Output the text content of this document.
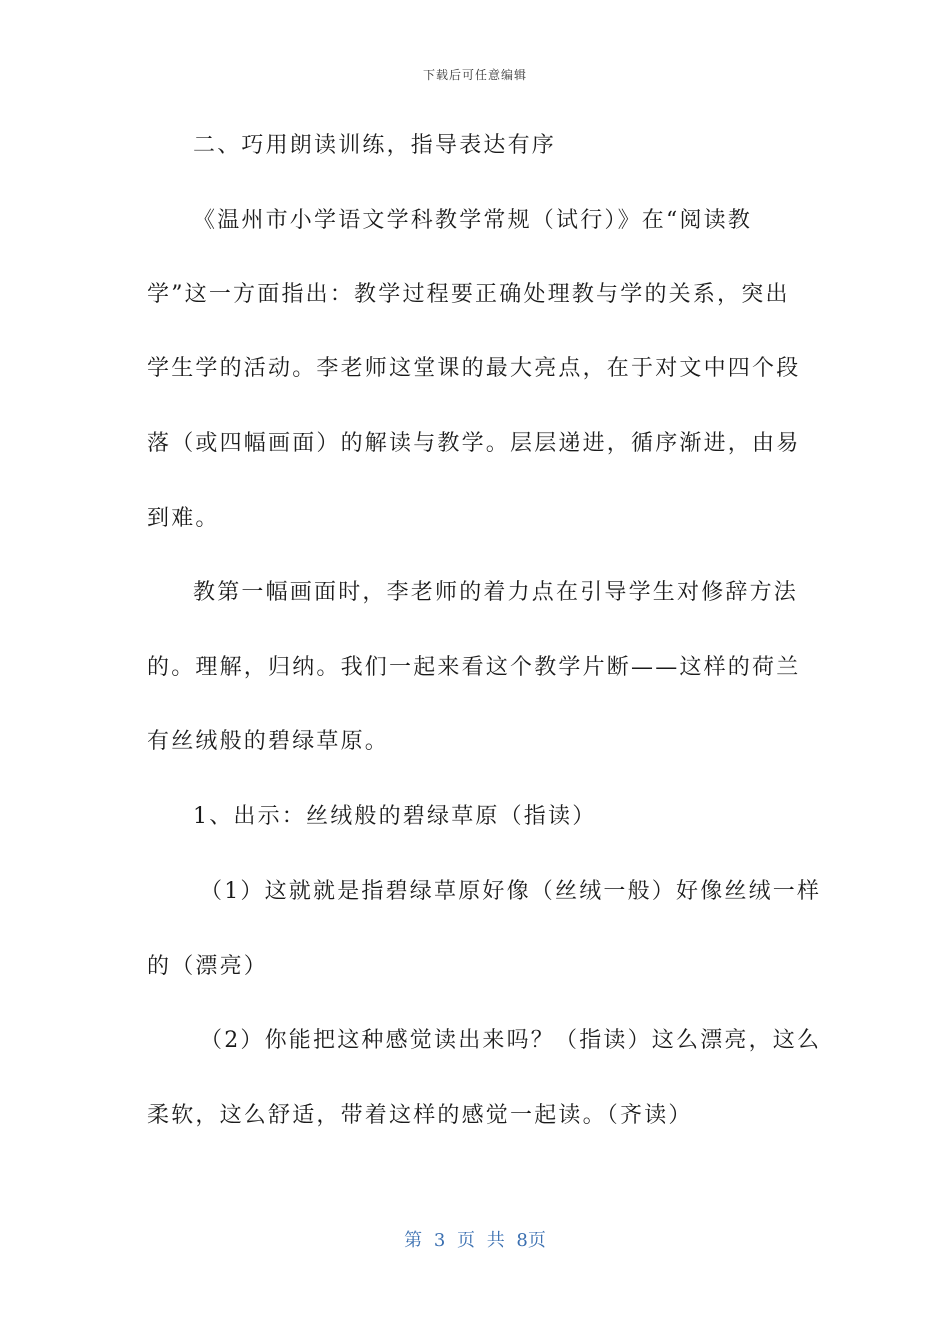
下载后可任意编辑
二、巧用朗读训练，指导表达有序
《温州市小学语文学科教学常规（试行）》在“阅读教
学”这一方面指出：教学过程要正确处理教与学的关系，突出
学生学的活动。李老师这堂课的最大亮点，在于对文中四个段
落（或四幅画面）的解读与教学。层层递进，循序渐进，由易
到难。
教第一幅画面时，李老师的着力点在引导学生对修辞方法
的。理解，归纳。我们一起来看这个教学片断——这样的荷兰
有丝绒般的碧绿草原。
1、出示：丝绒般的碧绿草原（指读）
（1）这就就是指碧绿草原好像（丝绒一般）好像丝绒一样
的（漂亮）
（2）你能把这种感觉读出来吗？（指读）这么漂亮，这么
柔软，这么舒适，带着这样的感觉一起读。（齐读）
第 3 页 共 8页
